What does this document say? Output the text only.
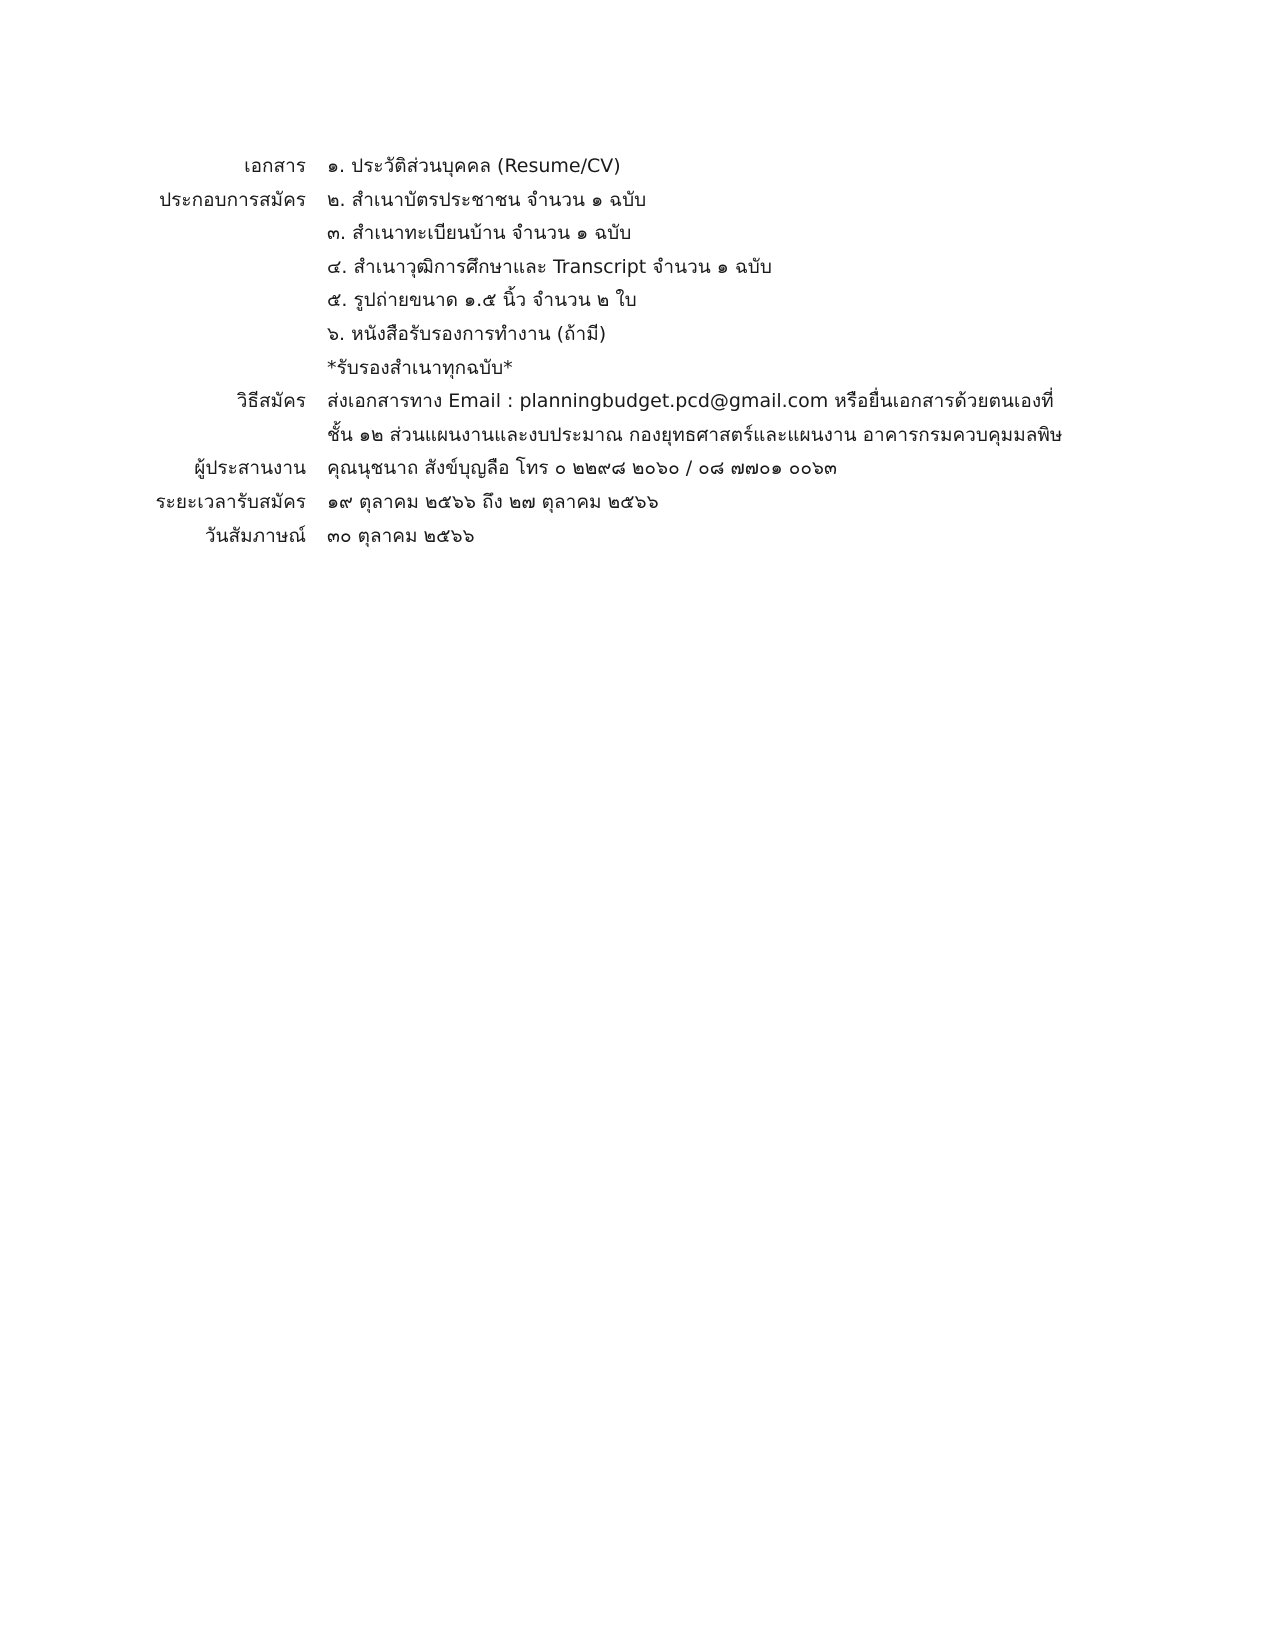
เอกสาร
ประกอบการสมัคร
๑. ประวัติส่วนบุคคล (Resume/CV)
๒. สำเนาบัตรประชาชน จำนวน ๑ ฉบับ
๓. สำเนาทะเบียนบ้าน จำนวน ๑ ฉบับ
๔. สำเนาวุฒิการศึกษาและ Transcript จำนวน ๑ ฉบับ
๕. รูปถ่ายขนาด ๑.๕ นิ้ว จำนวน ๒ ใบ
๖. หนังสือรับรองการทำงาน (ถ้ามี)
*รับรองสำเนาทุกฉบับ*
วิธีสมัคร ส่งเอกสารทาง Email : planningbudget.pcd@gmail.com หรือยื่นเอกสารด้วยตนเองที่
ชั้น ๑๒ ส่วนแผนงานและงบประมาณ กองยุทธศาสตร์และแผนงาน อาคารกรมควบคุมมลพิษ
ผู้ประสานงาน คุณนุชนาถ สังข์บุญลือ โทร ๐ ๒๒๙๘ ๒๐๖๐ / ๐๘ ๗๗๐๑ ๐๐๖๓
ระยะเวลารับสมัคร ๑๙ ตุลาคม ๒๕๖๖ ถึง ๒๗ ตุลาคม ๒๕๖๖
วันสัมภาษณ์ ๓๐ ตุลาคม ๒๕๖๖
